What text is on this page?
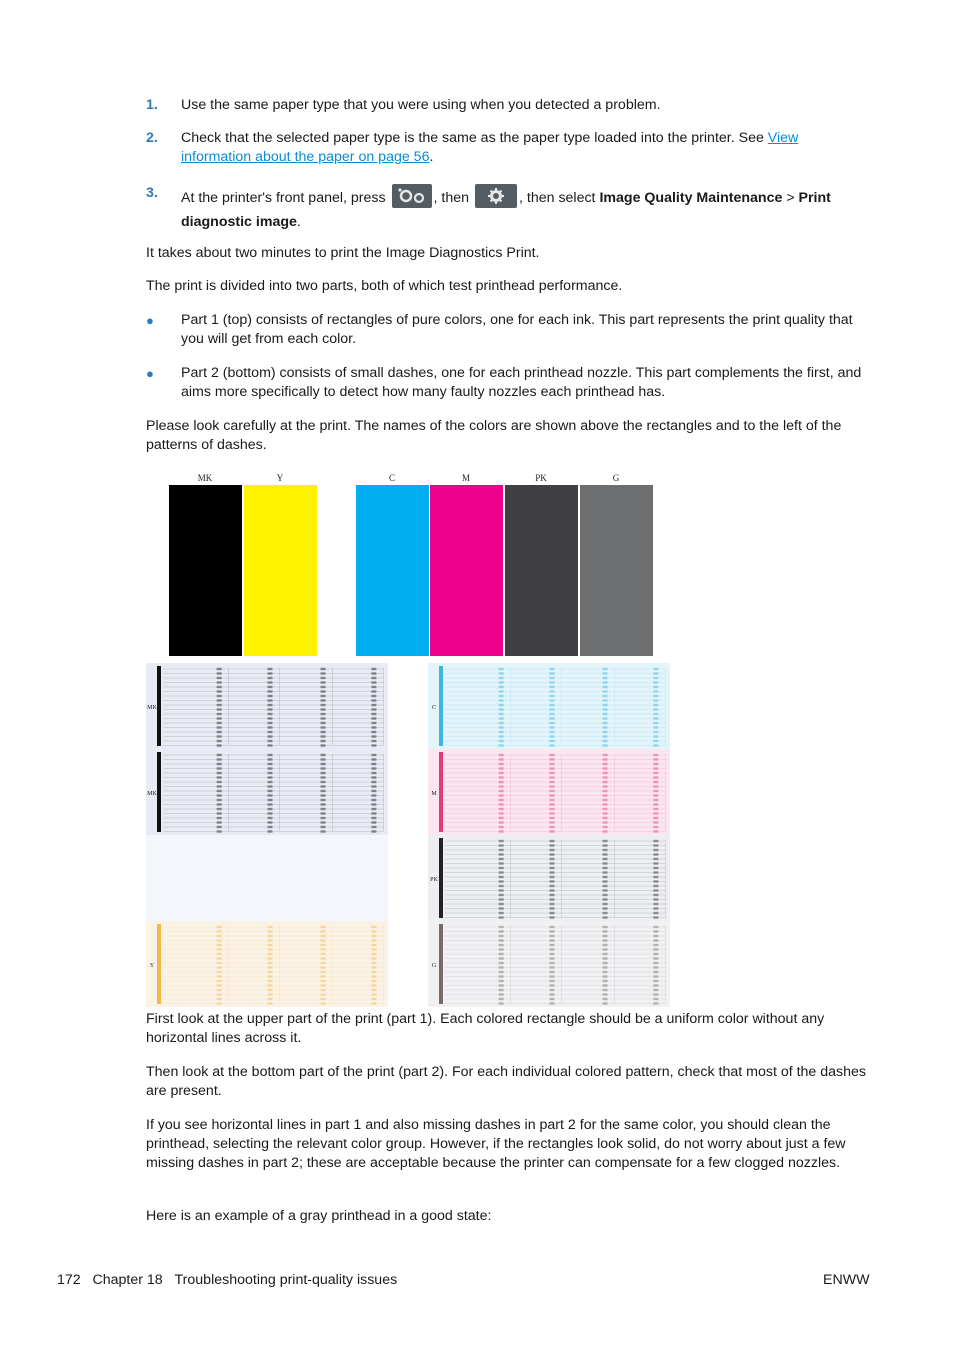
1. Use the same paper type that you were using when you detected a problem.
2. Check that the selected paper type is the same as the paper type loaded into the printer. See View information about the paper on page 56.
3. At the printer's front panel, press	, then	, then select Image Quality Maintenance > Print diagnostic image.
It takes about two minutes to print the Image Diagnostics Print.
The print is divided into two parts, both of which test printhead performance.
● Part 1 (top) consists of rectangles of pure colors, one for each ink. This part represents the print quality that you will get from each color.
● Part 2 (bottom) consists of small dashes, one for each printhead nozzle. This part complements the first, and aims more specifically to detect how many faulty nozzles each printhead has.
Please look carefully at the print. The names of the colors are shown above the rectangles and to the left of the patterns of dashes.
MK	Y	C	M	PK	G
MK
MK
Y
C
M
PK
G
First look at the upper part of the print (part 1). Each colored rectangle should be a uniform color without any horizontal lines across it.
Then look at the bottom part of the print (part 2). For each individual colored pattern, check that most of the dashes are present.
If you see horizontal lines in part 1 and also missing dashes in part 2 for the same color, you should clean the printhead, selecting the relevant color group. However, if the rectangles look solid, do not worry about just a few missing dashes in part 2; these are acceptable because the printer can compensate for a few clogged nozzles.
Here is an example of a gray printhead in a good state:
172 Chapter 18 Troubleshooting print-quality issues	ENWW
